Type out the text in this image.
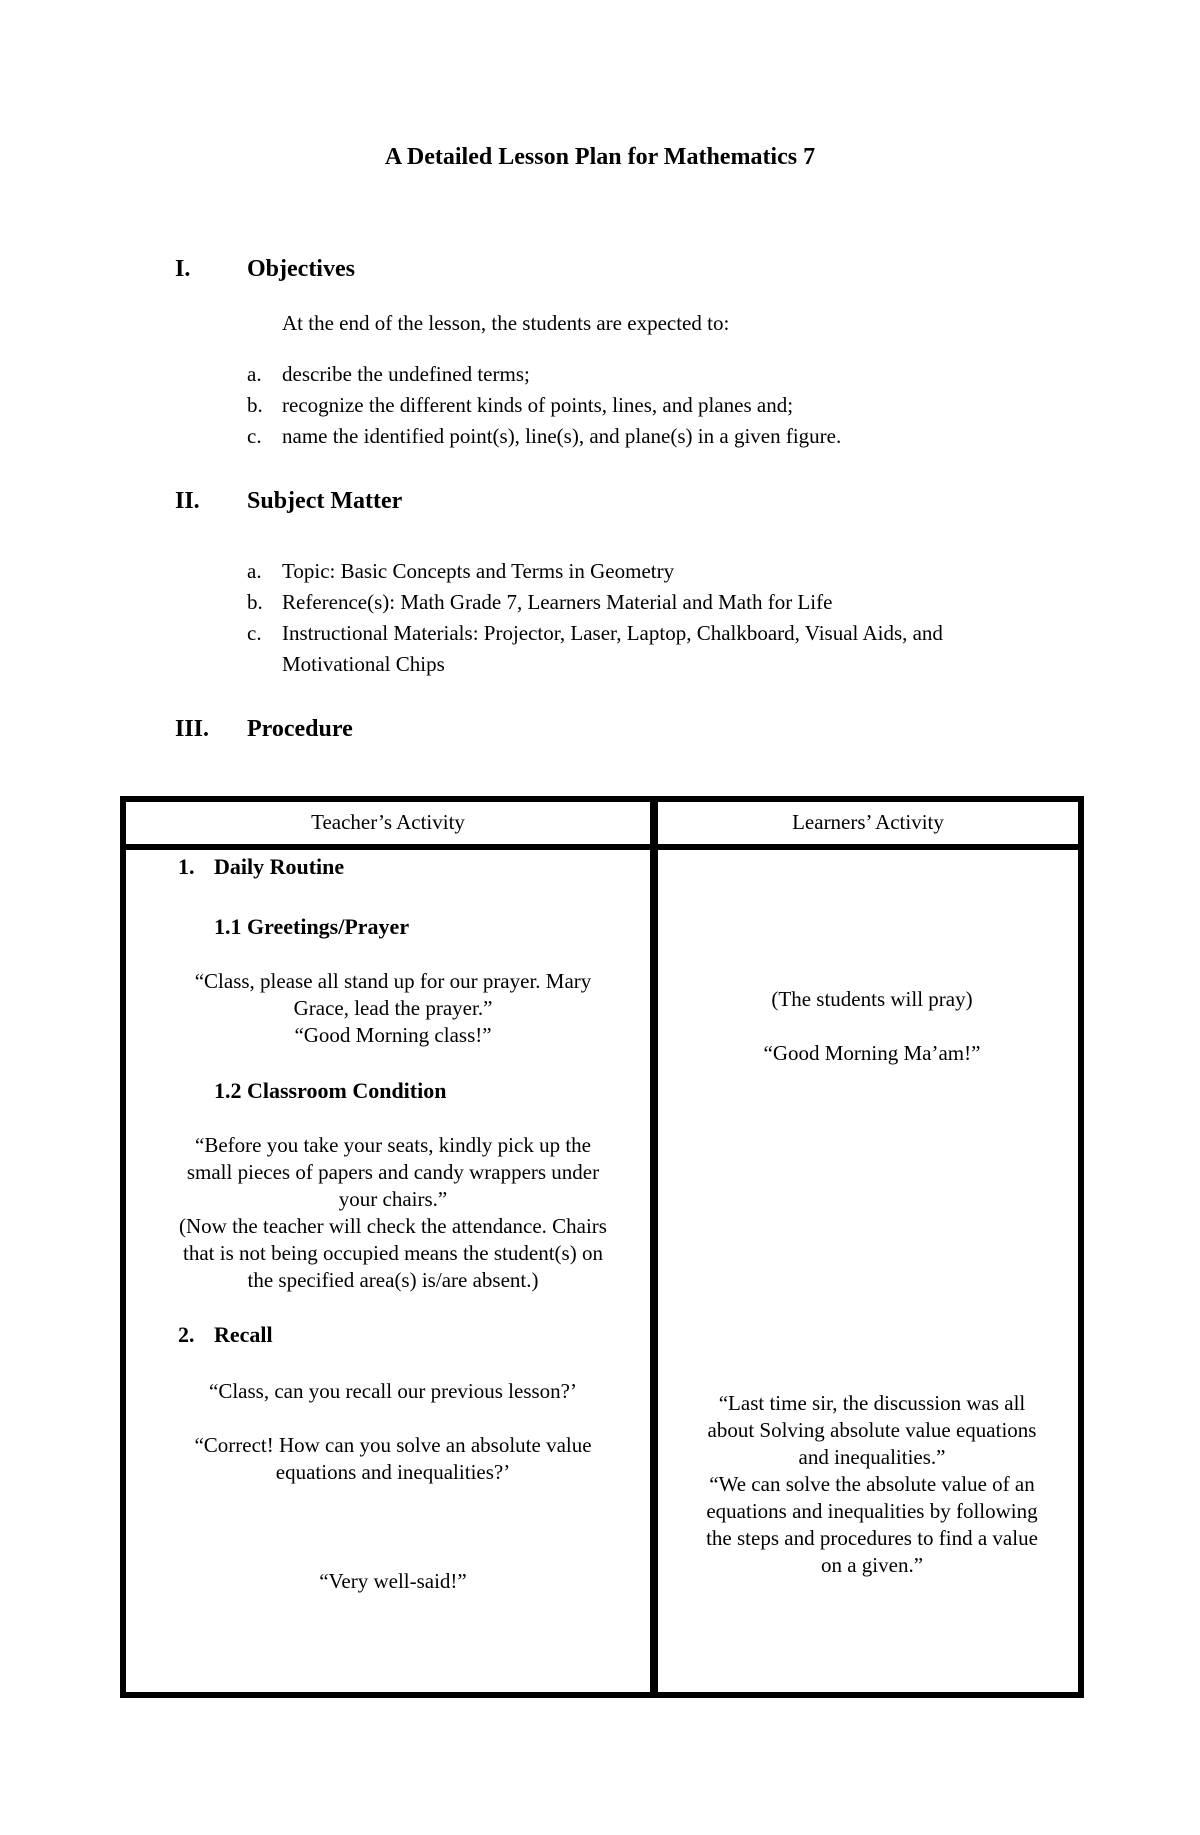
A Detailed Lesson Plan for Mathematics 7
I. Objectives
At the end of the lesson, the students are expected to:
a. describe the undefined terms;
b. recognize the different kinds of points, lines, and planes and;
c. name the identified point(s), line(s), and plane(s) in a given figure.
II. Subject Matter
a. Topic: Basic Concepts and Terms in Geometry
b. Reference(s): Math Grade 7, Learners Material and Math for Life
c. Instructional Materials: Projector, Laser, Laptop, Chalkboard, Visual Aids, and
Motivational Chips
III. Procedure
Teacher’s Activity	Learners’ Activity
1. Daily Routine
1.1 Greetings/Prayer
“Class, please all stand up for our prayer. Mary
Grace, lead the prayer.”
“Good Morning class!”
1.2 Classroom Condition
“Before you take your seats, kindly pick up the
small pieces of papers and candy wrappers under
your chairs.”
(Now the teacher will check the attendance. Chairs
that is not being occupied means the student(s) on
the specified area(s) is/are absent.)
2. Recall
“Class, can you recall our previous lesson?’
“Correct! How can you solve an absolute value
equations and inequalities?’
“Very well-said!”
(The students will pray)
“Good Morning Ma’am!”
“Last time sir, the discussion was all
about Solving absolute value equations
and inequalities.”
“We can solve the absolute value of an
equations and inequalities by following
the steps and procedures to find a value
on a given.”
